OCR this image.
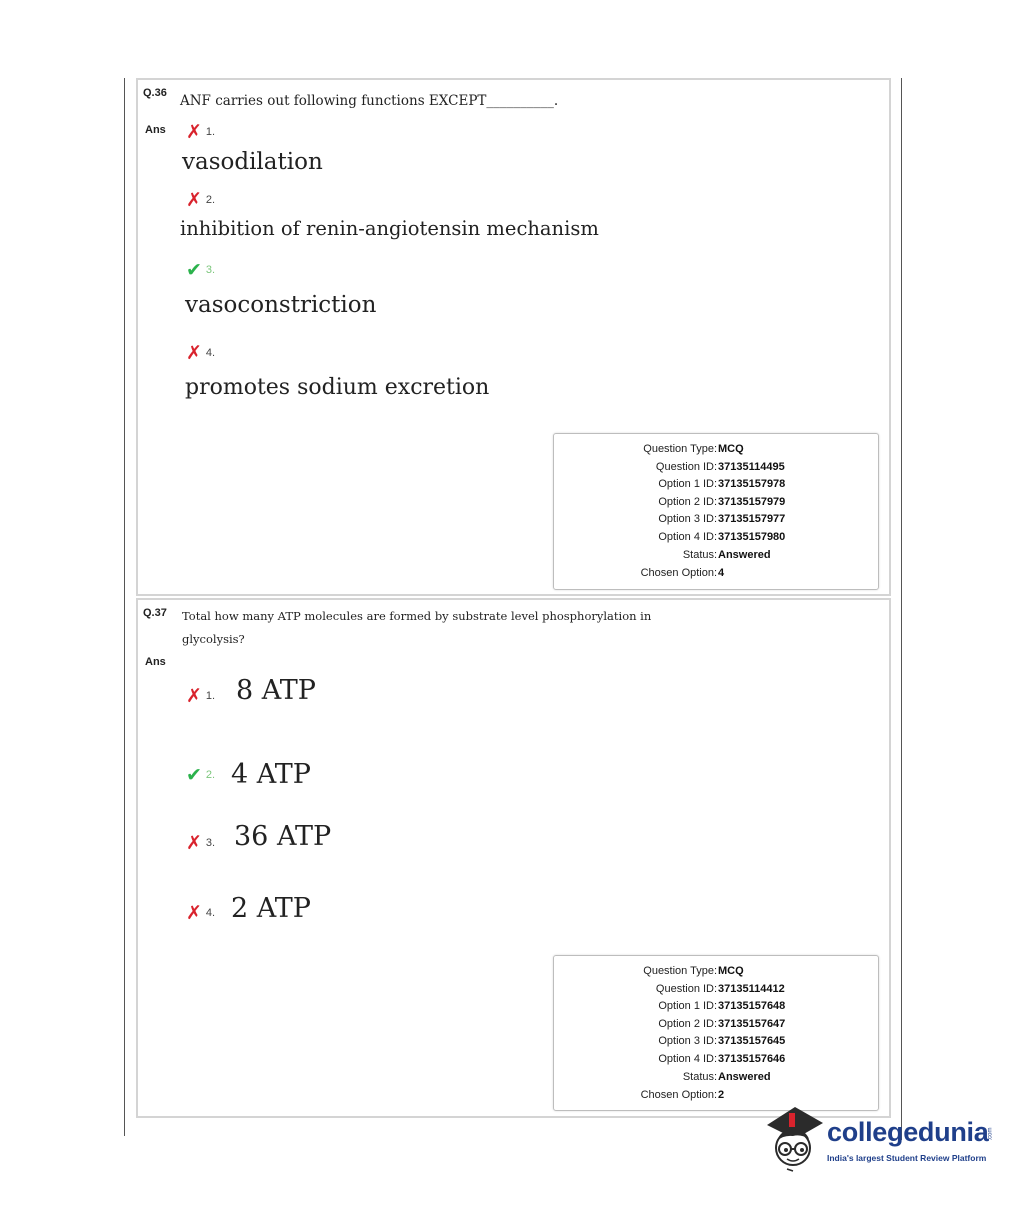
Q.36 ANF carries out following functions EXCEPT__________.
Ans ✗ 1.
vasodilation
✗ 2.
inhibition of renin-angiotensin mechanism
✔ 3.
vasoconstriction
✗ 4.
promotes sodium excretion
Question Type : MCQ
Question ID : 37135114495
Option 1 ID : 37135157978
Option 2 ID : 37135157979
Option 3 ID : 37135157977
Option 4 ID : 37135157980
Status : Answered
Chosen Option : 4
Q.37 Total how many ATP molecules are formed by substrate level phosphorylation in
glycolysis?
Ans
✗ 1. 8 ATP
✔ 2. 4 ATP
✗ 3. 36 ATP
✗ 4. 2 ATP
Question Type : MCQ
Question ID : 37135114412
Option 1 ID : 37135157648
Option 2 ID : 37135157647
Option 3 ID : 37135157645
Option 4 ID : 37135157646
Status : Answered
Chosen Option : 2
collegedunia .com
India's largest Student Review Platform
